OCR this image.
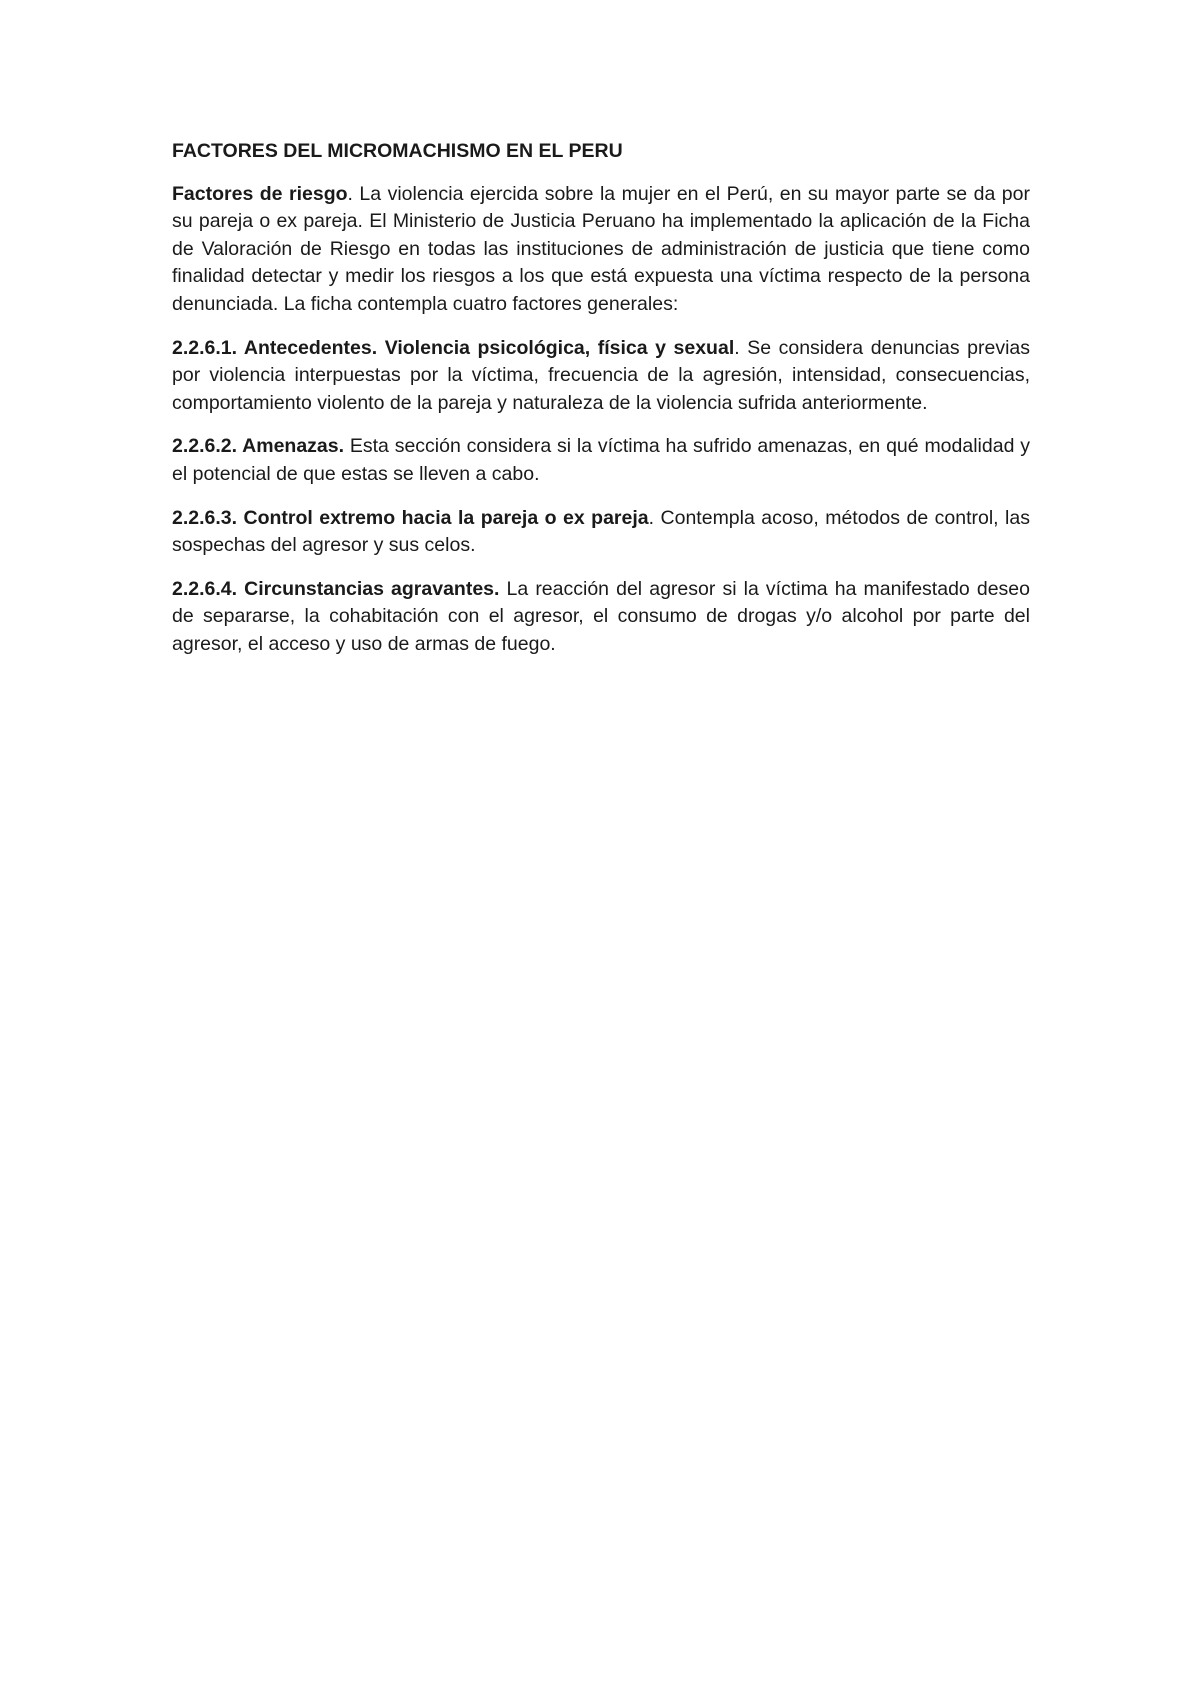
FACTORES DEL MICROMACHISMO EN EL PERU

Factores de riesgo. La violencia ejercida sobre la mujer en el Perú, en su mayor parte se da por su pareja o ex pareja. El Ministerio de Justicia Peruano ha implementado la aplicación de la Ficha de Valoración de Riesgo en todas las instituciones de administración de justicia que tiene como finalidad detectar y medir los riesgos a los que está expuesta una víctima respecto de la persona denunciada. La ficha contempla cuatro factores generales:

2.2.6.1. Antecedentes. Violencia psicológica, física y sexual. Se considera denuncias previas por violencia interpuestas por la víctima, frecuencia de la agresión, intensidad, consecuencias, comportamiento violento de la pareja y naturaleza de la violencia sufrida anteriormente.

2.2.6.2. Amenazas. Esta sección considera si la víctima ha sufrido amenazas, en qué modalidad y el potencial de que estas se lleven a cabo.

2.2.6.3. Control extremo hacia la pareja o ex pareja. Contempla acoso, métodos de control, las sospechas del agresor y sus celos.

2.2.6.4. Circunstancias agravantes. La reacción del agresor si la víctima ha manifestado deseo de separarse, la cohabitación con el agresor, el consumo de drogas y/o alcohol por parte del agresor, el acceso y uso de armas de fuego.
